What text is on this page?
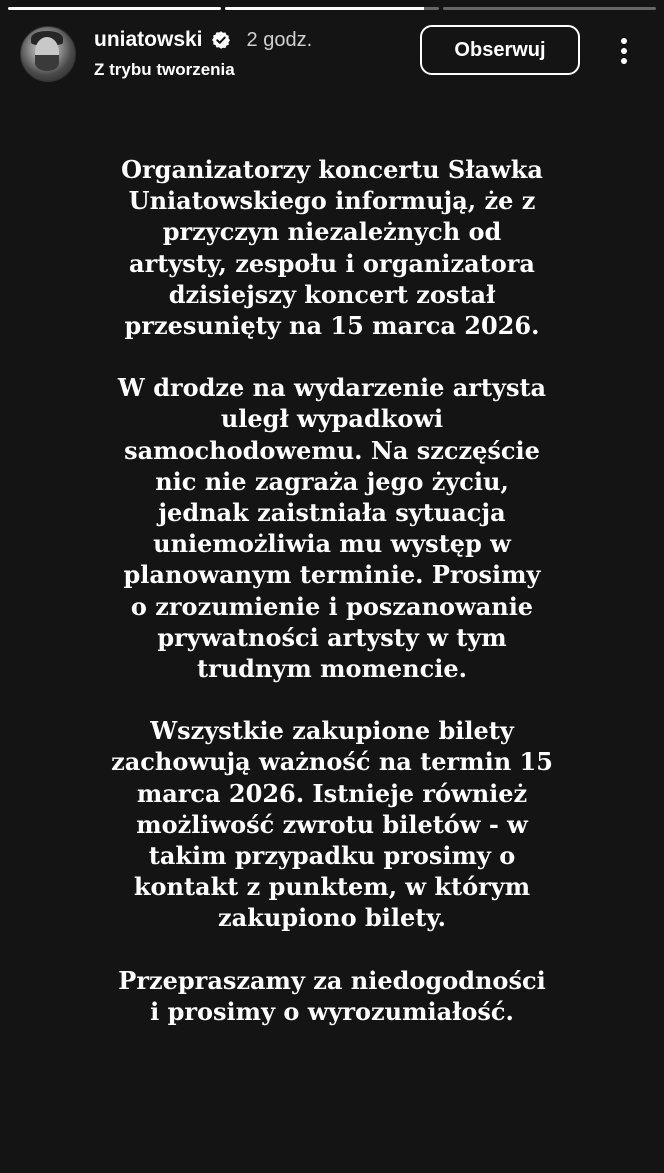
uniatowski 2 godz.
Z trybu tworzenia
Obserwuj

Organizatorzy koncertu Sławka
Uniatowskiego informują, że z
przyczyn niezależnych od
artysty, zespołu i organizatora
dzisiejszy koncert został
przesunięty na 15 marca 2026.

W drodze na wydarzenie artysta
uległ wypadkowi
samochodowemu. Na szczęście
nic nie zagraża jego życiu,
jednak zaistniała sytuacja
uniemożliwia mu występ w
planowanym terminie. Prosimy
o zrozumienie i poszanowanie
prywatności artysty w tym
trudnym momencie.

Wszystkie zakupione bilety
zachowują ważność na termin 15
marca 2026. Istnieje również
możliwość zwrotu biletów - w
takim przypadku prosimy o
kontakt z punktem, w którym
zakupiono bilety.

Przepraszamy za niedogodności
i prosimy o wyrozumiałość.
